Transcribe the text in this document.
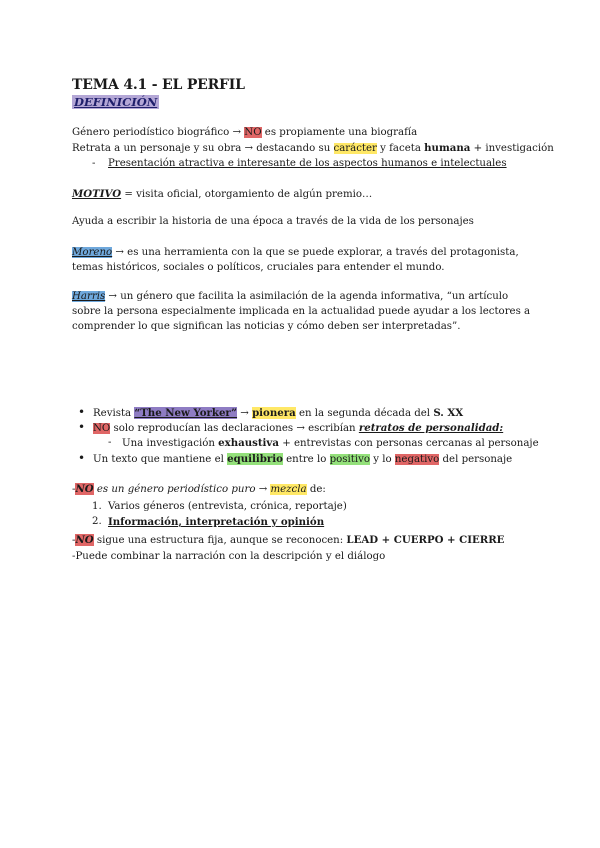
TEMA 4.1 - EL PERFIL
DEFINICIÓN

Género periodístico biográfico → NO es propiamente una biografía

Retrata a un personaje y su obra → destacando su carácter y faceta humana + investigación

- Presentación atractiva e interesante de los aspectos humanos e intelectuales

MOTIVO = visita oficial, otorgamiento de algún premio…

Ayuda a escribir la historia de una época a través de la vida de los personajes

Moreno → es una herramienta con la que se puede explorar, a través del protagonista, temas históricos, sociales o políticos, cruciales para entender el mundo.

Harris → un género que facilita la asimilación de la agenda informativa, “un artículo sobre la persona especialmente implicada en la actualidad puede ayudar a los lectores a comprender lo que significan las noticias y cómo deben ser interpretadas”.

• Revista “The New Yorker” → pionera en la segunda década del S. XX

• NO solo reproducían las declaraciones → escribían retratos de personalidad:

- Una investigación exhaustiva + entrevistas con personas cercanas al personaje

• Un texto que mantiene el equilibrio entre lo positivo y lo negativo del personaje

-NO es un género periodístico puro → mezcla de:

1. Varios géneros (entrevista, crónica, reportaje)

2. Información, interpretación y opinión

-NO sigue una estructura fija, aunque se reconocen: LEAD + CUERPO + CIERRE

-Puede combinar la narración con la descripción y el diálogo
